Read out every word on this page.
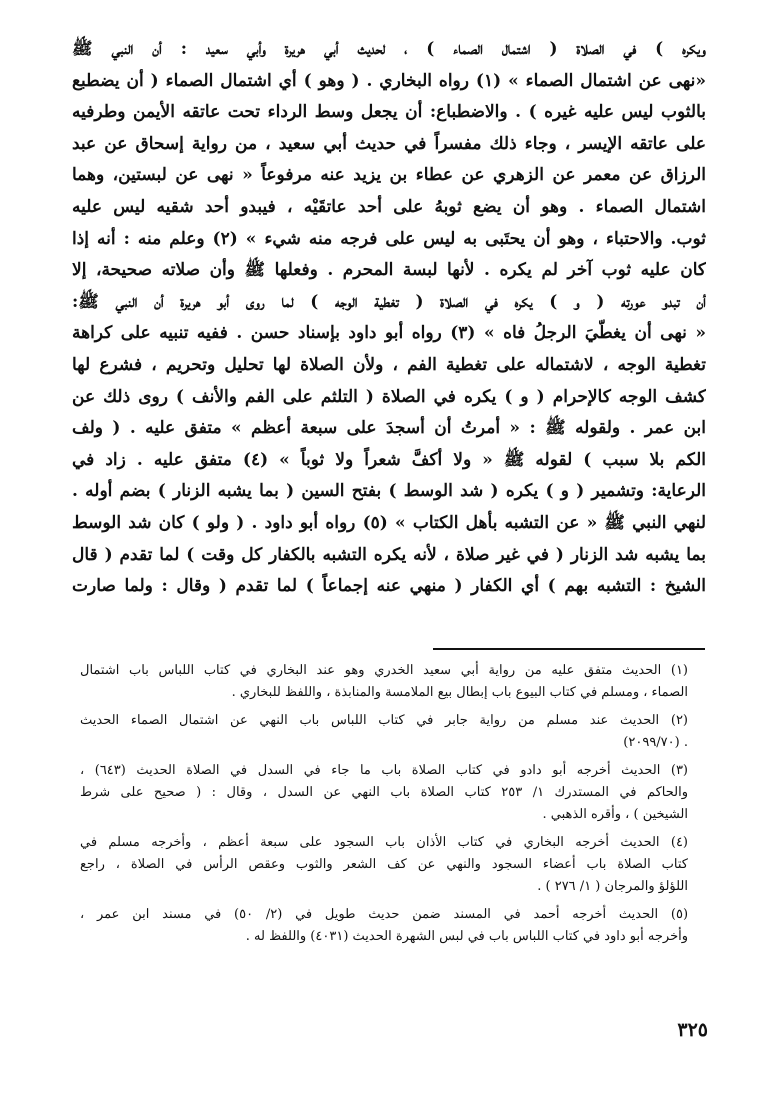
ويكره ) في الصلاة ( اشتمال الصماء ) ، لحديث أبي هريرة وأبي سعيد : أن النبي ﷺ
«نهى عن اشتمال الصماء » (١) رواه البخاري . ( وهو ) أي اشتمال الصماء ( أن يضطبع
بالثوب ليس عليه غيره ) . والاضطباع: أن يجعل وسط الرداء تحت عاتقه الأيمن وطرفيه
على عاتقه الإيسر ، وجاء ذلك مفسراً في حديث أبي سعيد ، من رواية إسحاق عن عبد
الرزاق عن معمر عن الزهري عن عطاء بن يزيد عنه مرفوعاً « نهى عن لبستين، وهما
اشتمال الصماء . وهو أن يضع ثوبهُ على أحد عاتقَيْه ، فيبدو أحد شقيه ليس عليه
ثوب. والاحتباء ، وهو أن يحتَبى به ليس على فرجه منه شيء » (٢) وعلم منه : أنه إذا
كان عليه ثوب آخر لم يكره . لأنها لبسة المحرم . وفعلها ﷺ وأن صلاته صحيحة، إلا
أن تبدو عورته ( و ) يكره في الصلاة ( تغطية الوجه ) لما روى أبو هريرة أن النبي ﷺ:
« نهى أن يغطّيَ الرجلُ فاه » (٣) رواه أبو داود بإسناد حسن . ففيه تنبيه على كراهة
تغطية الوجه ، لاشتماله على تغطية الفم ، ولأن الصلاة لها تحليل وتحريم ، فشرع لها
كشف الوجه كالإحرام ( و ) يكره في الصلاة ( التلثم على الفم والأنف ) روى ذلك عن
ابن عمر . ولقوله ﷺ : « أمرتُ أن أسجدَ على سبعة أعظم » متفق عليه . ( ولف
الكم بلا سبب ) لقوله ﷺ « ولا أكفَّ شعراً ولا ثوباً » (٤) متفق عليه . زاد في
الرعاية: وتشمير ( و ) يكره ( شد الوسط ) بفتح السين ( بما يشبه الزنار ) بضم أوله .
لنهي النبي ﷺ « عن التشبه بأهل الكتاب » (٥) رواه أبو داود . ( ولو ) كان شد الوسط
بما يشبه شد الزنار ( في غير صلاة ، لأنه يكره التشبه بالكفار كل وقت ) لما تقدم ( قال
الشيخ : التشبه بهم ) أي الكفار ( منهي عنه إجماعاً ) لما تقدم ( وقال : ولما صارت
(١) الحديث متفق عليه من رواية أبي سعيد الخدري وهو عند البخاري في كتاب اللباس باب اشتمال
الصماء ، ومسلم في كتاب البيوع باب إبطال بيع الملامسة والمنابذة ، واللفظ للبخاري .
(٢) الحديث عند مسلم من رواية جابر في كتاب اللباس باب النهي عن اشتمال الصماء الحديث
. (٢٠٩٩/٧٠)
(٣) الحديث أخرجه أبو دادو في كتاب الصلاة باب ما جاء في السدل في الصلاة الحديث (٦٤٣) ،
والحاكم في المستدرك ١/ ٢٥٣ كتاب الصلاة باب النهي عن السدل ، وقال : ( صحيح على شرط
الشيخين ) ، وأقره الذهبي .
(٤) الحديث أخرجه البخاري في كتاب الأذان باب السجود على سبعة أعظم ، وأخرجه مسلم في
كتاب الصلاة باب أعضاء السجود والنهي عن كف الشعر والثوب وعقص الرأس في الصلاة ، راجع
اللؤلؤ والمرجان ( ١/ ٢٧٦ ) .
(٥) الحديث أخرجه أحمد في المسند ضمن حديث طويل في (٢/ ٥٠) في مسند ابن عمر ،
وأخرجه أبو داود في كتاب اللباس باب في لبس الشهرة الحديث (٤٠٣١) واللفظ له .
٣٢٥
